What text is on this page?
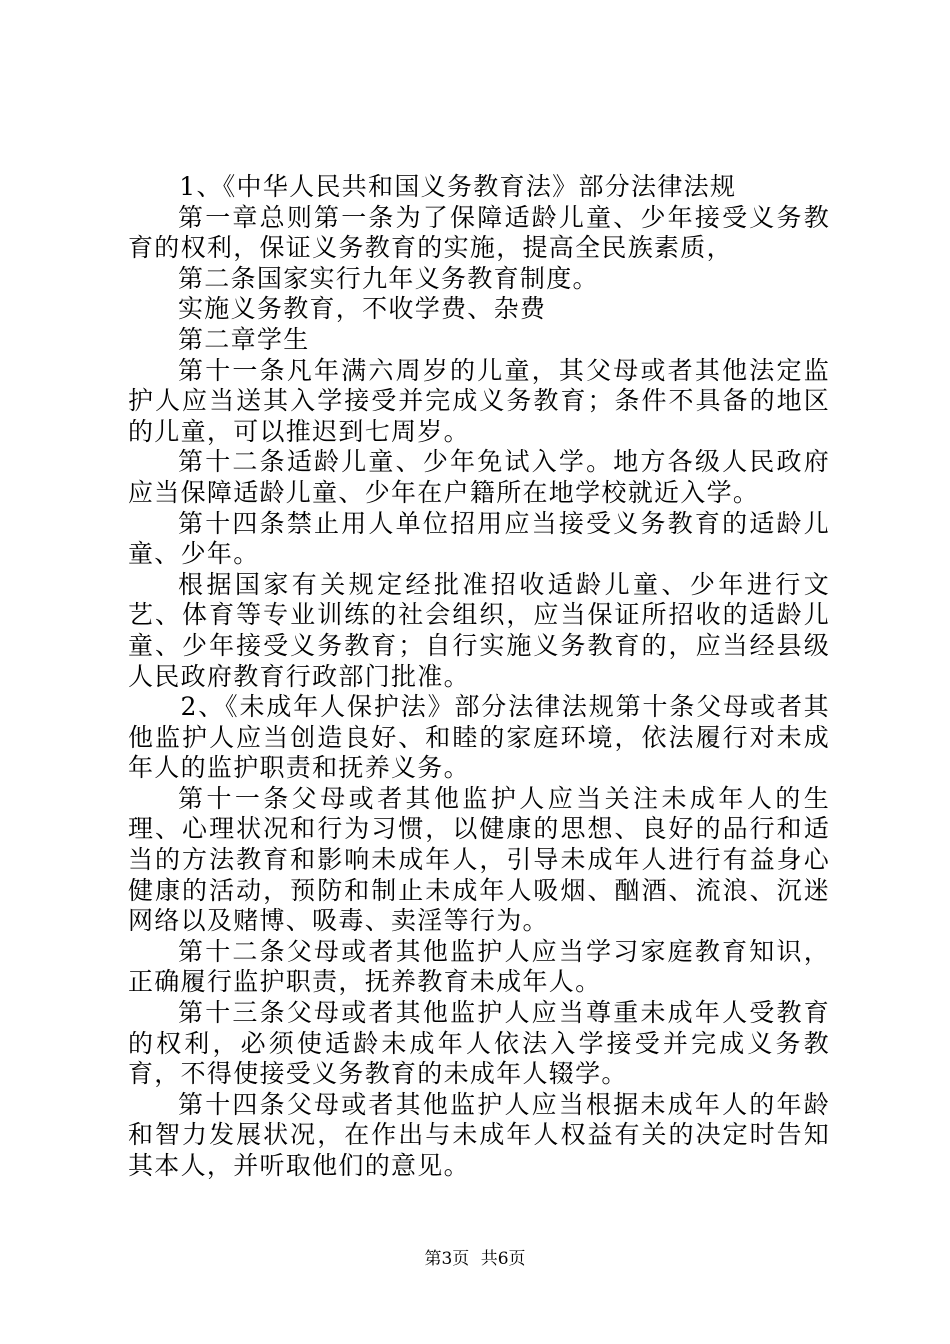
1、《中华人民共和国义务教育法》部分法律法规

第一章总则第一条为了保障适龄儿童、少年接受义务教育的权利，保证义务教育的实施，提高全民族素质，

第二条国家实行九年义务教育制度。

实施义务教育，不收学费、杂费

第二章学生

第十一条凡年满六周岁的儿童，其父母或者其他法定监护人应当送其入学接受并完成义务教育；条件不具备的地区的儿童，可以推迟到七周岁。

第十二条适龄儿童、少年免试入学。地方各级人民政府应当保障适龄儿童、少年在户籍所在地学校就近入学。

第十四条禁止用人单位招用应当接受义务教育的适龄儿童、少年。

根据国家有关规定经批准招收适龄儿童、少年进行文艺、体育等专业训练的社会组织，应当保证所招收的适龄儿童、少年接受义务教育；自行实施义务教育的，应当经县级人民政府教育行政部门批准。

2、《未成年人保护法》部分法律法规第十条父母或者其他监护人应当创造良好、和睦的家庭环境，依法履行对未成年人的监护职责和抚养义务。

第十一条父母或者其他监护人应当关注未成年人的生理、心理状况和行为习惯，以健康的思想、良好的品行和适当的方法教育和影响未成年人，引导未成年人进行有益身心健康的活动，预防和制止未成年人吸烟、酗酒、流浪、沉迷网络以及赌博、吸毒、卖淫等行为。

第十二条父母或者其他监护人应当学习家庭教育知识，正确履行监护职责，抚养教育未成年人。

第十三条父母或者其他监护人应当尊重未成年人受教育的权利，必须使适龄未成年人依法入学接受并完成义务教育，不得使接受义务教育的未成年人辍学。

第十四条父母或者其他监护人应当根据未成年人的年龄和智力发展状况，在作出与未成年人权益有关的决定时告知其本人，并听取他们的意见。

第3页 共6页
